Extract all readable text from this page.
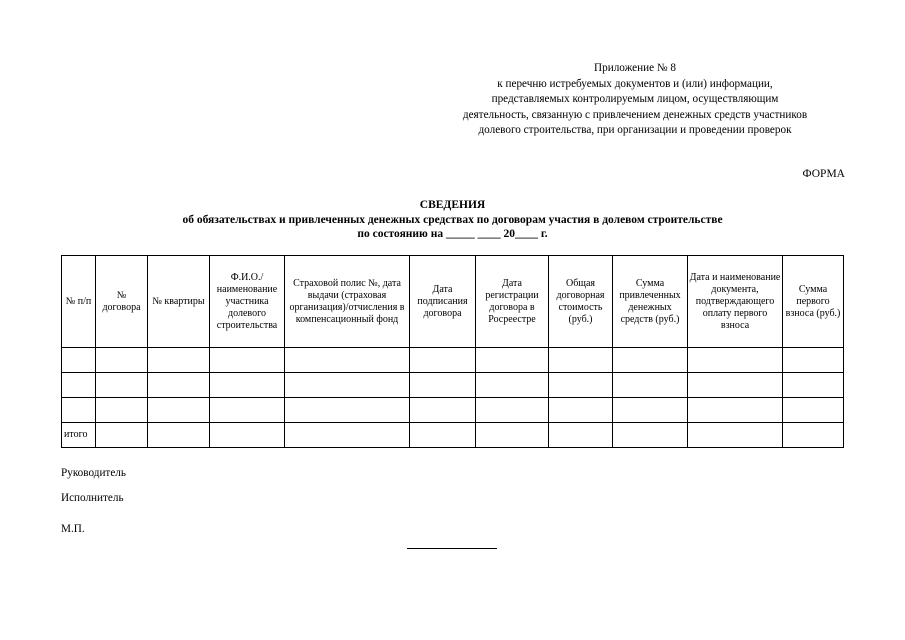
Приложение № 8
к перечню истребуемых документов и (или) информации,
представляемых контролируемым лицом, осуществляющим
деятельность, связанную с привлечением денежных средств участников
долевого строительства, при организации и проведении проверок
ФОРМА
СВЕДЕНИЯ
об обязательствах и привлеченных денежных средствах по договорам участия в долевом строительстве
по состоянию на _____ ____ 20____ г.
№ п/п	№ договора	№ квартиры	Ф.И.О./ наименование участника долевого строительства	Страховой полис №, дата выдачи (страховая организация)/отчисления в компенсационный фонд	Дата подписания договора	Дата регистрации договора в Росреестре	Общая договорная стоимость (руб.)	Сумма привлеченных денежных средств (руб.)	Дата и наименование документа, подтверждающего оплату первого взноса	Сумма первого взноса (руб.)

итого										
Руководитель
Исполнитель
М.П.
